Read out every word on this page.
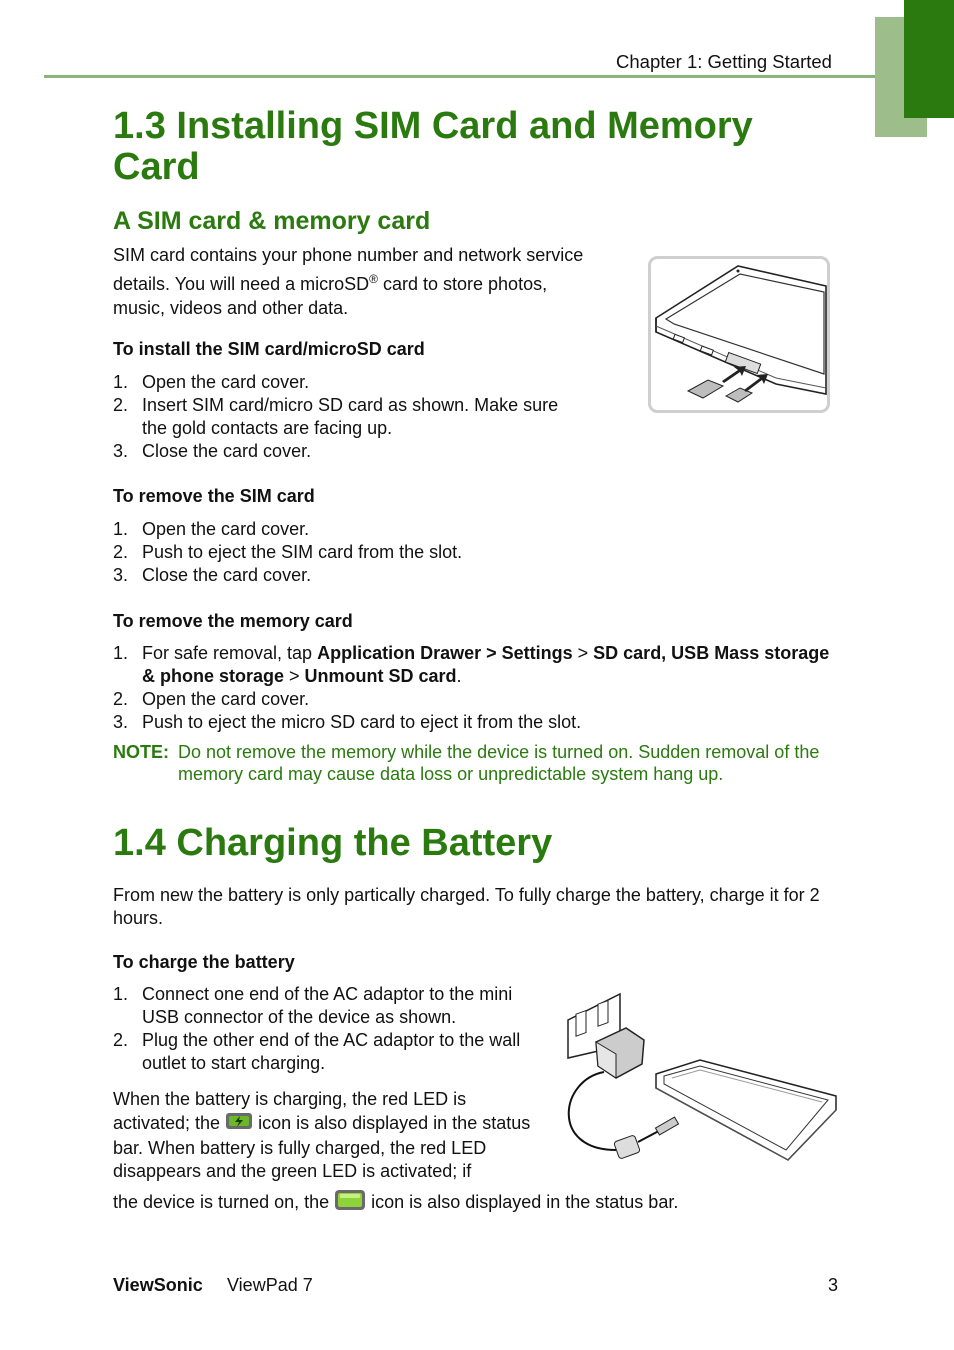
Chapter 1: Getting Started
1.3 Installing SIM Card and Memory Card
A SIM card & memory card
SIM card contains your phone number and network service details. You will need a microSD® card to store photos, music, videos and other data.
To install the SIM card/microSD card
1. Open the card cover.
2. Insert SIM card/micro SD card as shown. Make sure the gold contacts are facing up.
3. Close the card cover.
To remove the SIM card
1. Open the card cover.
2. Push to eject the SIM card from the slot.
3. Close the card cover.
To remove the memory card
1. For safe removal, tap Application Drawer > Settings > SD card, USB Mass storage & phone storage > Unmount SD card.
2. Open the card cover.
3. Push to eject the micro SD card to eject it from the slot.
NOTE: Do not remove the memory while the device is turned on. Sudden removal of the memory card may cause data loss or unpredictable system hang up.
1.4 Charging the Battery
From new the battery is only partically charged. To fully charge the battery, charge it for 2 hours.
To charge the battery
1. Connect one end of the AC adaptor to the mini USB connector of the device as shown.
2. Plug the other end of the AC adaptor to the wall outlet to start charging.
When the battery is charging, the red LED is activated; the  icon is also displayed in the status bar. When battery is fully charged, the red LED disappears and the green LED is activated; if
the device is turned on, the  icon is also displayed in the status bar.
ViewSonic ViewPad 7	3
